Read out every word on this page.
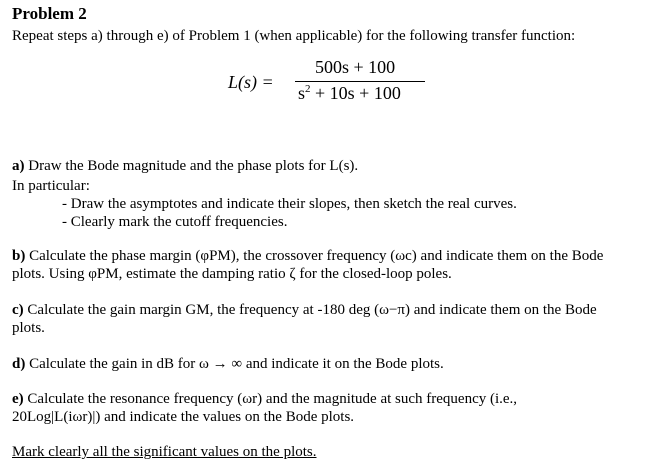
Problem 2
Repeat steps a) through e) of Problem 1 (when applicable) for the following transfer function:
L(s) =
500s + 100
$s^2 + 10s + 100$
a) Draw the Bode magnitude and the phase plots for L(s).
In particular:
- Draw the asymptotes and indicate their slopes, then sketch the real curves.
- Clearly mark the cutoff frequencies.
b) Calculate the phase margin (φPM), the crossover frequency (ωc) and indicate them on the Bode
plots. Using φPM, estimate the damping ratio ζ for the closed-loop poles.
c) Calculate the gain margin GM, the frequency at -180 deg (ω−π) and indicate them on the Bode
plots.
d) Calculate the gain in dB for ω → ∞ and indicate it on the Bode plots.
e) Calculate the resonance frequency (ωr) and the magnitude at such frequency (i.e.,
20Log|L(iωr)|) and indicate the values on the Bode plots.
Mark clearly all the significant values on the plots.
